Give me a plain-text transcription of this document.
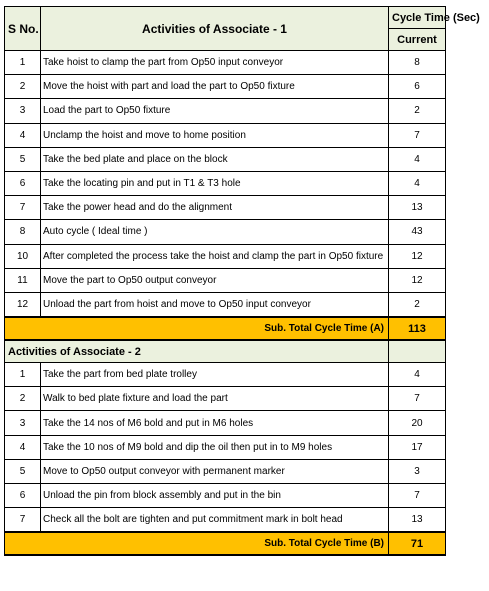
S No.	Activities of Associate - 1	Cycle Time (Sec)
		Current
1	Take hoist to clamp the part from Op50 input conveyor	8
2	Move the hoist with part and load the part to Op50 fixture	6
3	Load the part to Op50 fixture	2
4	Unclamp the hoist and move to home position	7
5	Take the bed plate and place on the block	4
6	Take the locating pin and put in T1 & T3 hole	4
7	Take the power head and do the alignment	13
8	Auto cycle ( Ideal time )	43
10	After completed the process take the hoist and clamp the part in Op50 fixture	12
11	Move the part to Op50 output conveyor	12
12	Unload the part from hoist and move to Op50 input conveyor	2
Sub. Total Cycle Time (A)		113
Activities of Associate - 2		
1	Take the part from bed plate trolley	4
2	Walk to bed plate fixture and load the part	7
3	Take the 14 nos of M6 bold and put in M6 holes	20
4	Take the 10 nos of M9 bold and dip the oil then put in to M9 holes	17
5	Move to Op50 output conveyor with permanent marker	3
6	Unload the pin from block assembly and put in the bin	7
7	Check all the bolt are tighten and put commitment mark in bolt head	13
Sub. Total Cycle Time (B)		71
